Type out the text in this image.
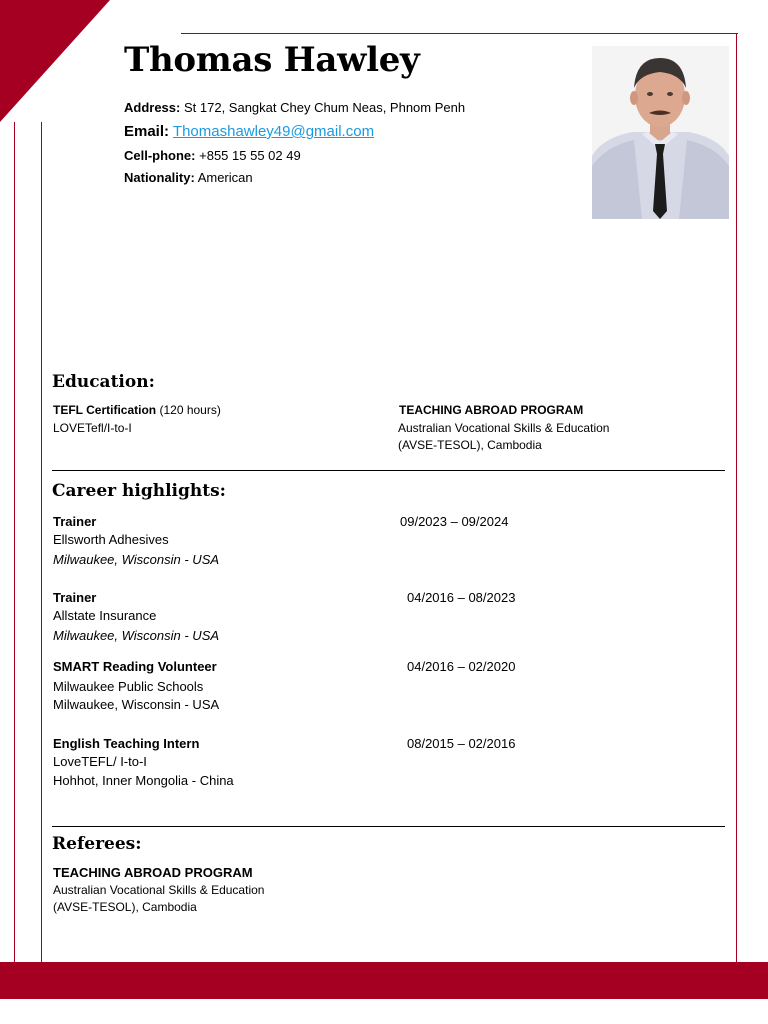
Thomas Hawley
Address: St 172, Sangkat Chey Chum Neas, Phnom Penh
Email: Thomashawley49@gmail.com
Cell-phone: +855 15 55 02 49
Nationality: American
Education:
TEFL Certification (120 hours)
LOVETefl/I-to-I
TEACHING ABROAD PROGRAM
Australian Vocational Skills & Education
(AVSE-TESOL), Cambodia
Career highlights:
Trainer
Ellsworth Adhesives
Milwaukee, Wisconsin - USA
09/2023 – 09/2024
Trainer
Allstate Insurance
Milwaukee, Wisconsin - USA
04/2016 – 08/2023
SMART Reading Volunteer
Milwaukee Public Schools
Milwaukee, Wisconsin - USA
04/2016 – 02/2020
English Teaching Intern
LoveTEFL/ I-to-I
Hohhot, Inner Mongolia - China
08/2015 – 02/2016
Referees:
TEACHING ABROAD PROGRAM
Australian Vocational Skills & Education
(AVSE-TESOL), Cambodia
